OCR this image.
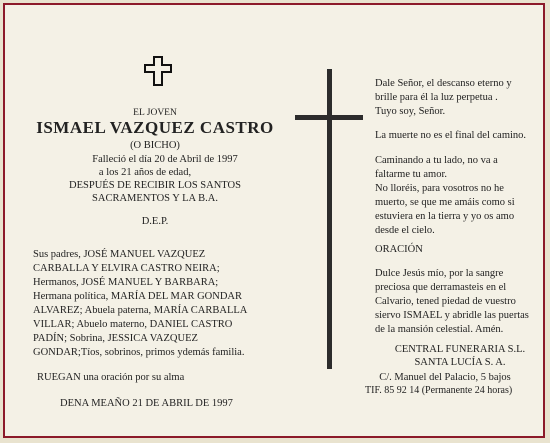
EL JOVEN
ISMAEL VAZQUEZ CASTRO
(O BICHO)
Falleció el día 20 de Abril de 1997
a los 21 años de edad,
DESPUÉS DE RECIBIR LOS SANTOS
SACRAMENTOS Y LA B.A.
D.E.P.
Sus padres, JOSÉ MANUEL VAZQUEZ
CARBALLA Y ELVIRA CASTRO NEIRA;
Hermanos, JOSÉ MANUEL Y BARBARA;
Hermana política, MARÍA DEL MAR GONDAR
ALVAREZ; Abuela paterna, MARÍA CARBALLA
VILLAR; Abuelo materno, DANIEL CASTRO
PADÍN; Sobrina, JESSICA VAZQUEZ
GONDAR;Tíos, sobrinos, primos ydemás familia.
RUEGAN una oración por su alma
DENA MEAÑO 21 DE ABRIL DE 1997
Dale Señor, el descanso eterno y
brille para él la luz perpetua .
Tuyo soy, Señor.
La muerte no es el final del camino.
Caminando a tu lado, no va a
faltarme tu amor.
No lloréis, para vosotros no he
muerto, se que me amáis como si
estuviera en la tierra y yo os amo
desde el cielo.
ORACIÓN
Dulce Jesús mío, por la sangre
preciosa que derramasteis en el
Calvario, tened piedad de vuestro
siervo ISMAEL y abridle las puertas
de la mansión celestial. Amén.
CENTRAL FUNERARIA S.L.
SANTA LUCÍA S. A.
C/. Manuel del Palacio, 5 bajos
TIF. 85 92 14 (Permanente 24 horas)
